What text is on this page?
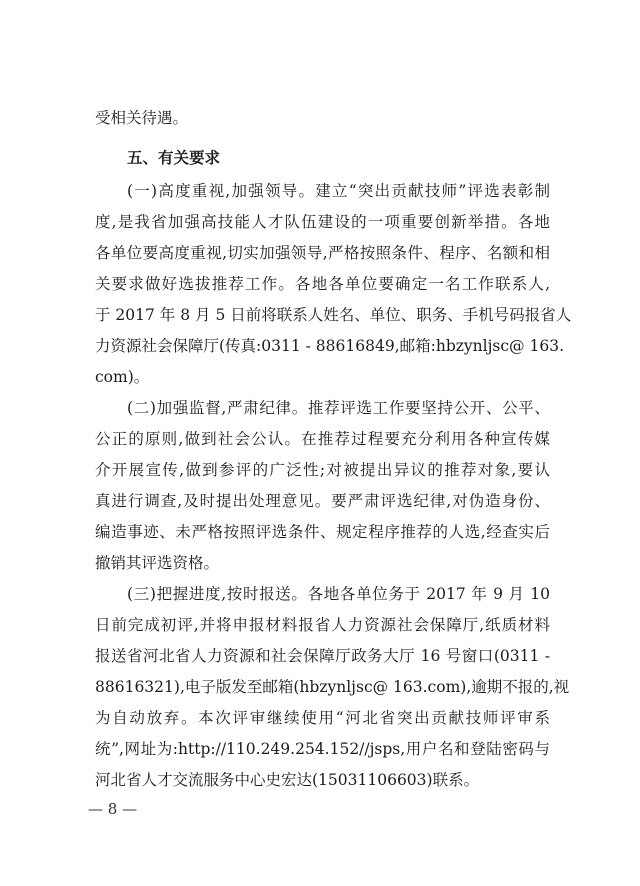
受相关待遇。
五、有关要求
(一)高度重视,加强领导。建立“突出贡献技师”评选表彰制
度,是我省加强高技能人才队伍建设的一项重要创新举措。各地
各单位要高度重视,切实加强领导,严格按照条件、程序、名额和相
关要求做好选拔推荐工作。各地各单位要确定一名工作联系人,
于 2017 年 8 月 5 日前将联系人姓名、单位、职务、手机号码报省人
力资源社会保障厅(传真:0311 - 88616849,邮箱:hbzynljsc@ 163.
com)。
(二)加强监督,严肃纪律。推荐评选工作要坚持公开、公平、
公正的原则,做到社会公认。在推荐过程要充分利用各种宣传媒
介开展宣传,做到参评的广泛性;对被提出异议的推荐对象,要认
真进行调查,及时提出处理意见。要严肃评选纪律,对伪造身份、
编造事迹、未严格按照评选条件、规定程序推荐的人选,经查实后
撤销其评选资格。
(三)把握进度,按时报送。各地各单位务于 2017 年 9 月 10
日前完成初评,并将申报材料报省人力资源社会保障厅,纸质材料
报送省河北省人力资源和社会保障厅政务大厅 16 号窗口(0311 -
88616321),电子版发至邮箱(hbzynljsc@ 163.com),逾期不报的,视
为自动放弃。本次评审继续使用“河北省突出贡献技师评审系
统”,网址为:http://110.249.254.152//jsps,用户名和登陆密码与
河北省人才交流服务中心史宏达(15031106603)联系。
— 8 —
